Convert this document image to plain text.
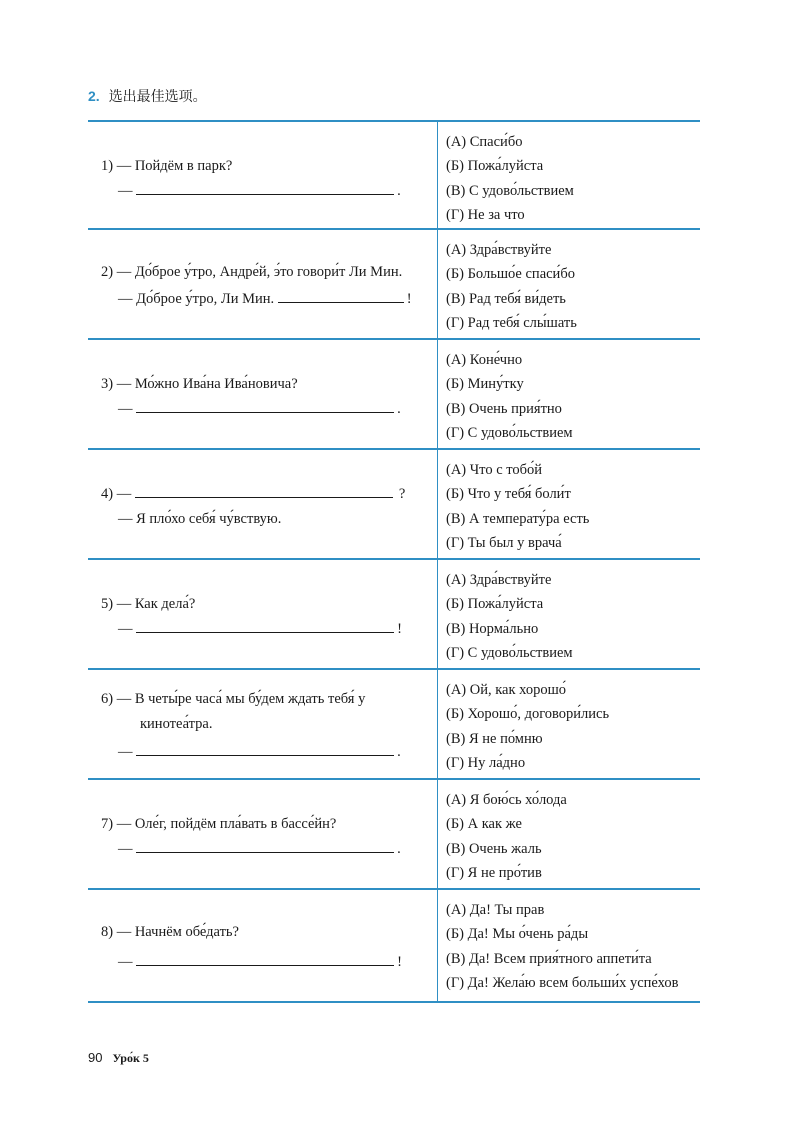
2. 选出最佳选项。
1) — Пойдём в парк?
—	.
(А) Спаси́бо
(Б) Пожа́луйста
(В) С удово́льствием
(Г) Не за что
2) — До́брое у́тро, Андре́й, э́то говори́т Ли Мин.
— До́брое у́тро, Ли Мин.	!
(А) Здра́вствуйте
(Б) Большо́е спаси́бо
(В) Рад тебя́ ви́деть
(Г) Рад тебя́ слы́шать
3) — Мо́жно Ива́на Ива́новича?
—	.
(А) Коне́чно
(Б) Мину́тку
(В) Очень прия́тно
(Г) С удово́льствием
4) —	?
— Я пло́хо себя́ чу́вствую.
(А) Что с тобо́й
(Б) Что у тебя́ боли́т
(В) А температу́ра есть
(Г) Ты был у врача́
5) — Как дела́?
—	!
(А) Здра́вствуйте
(Б) Пожа́луйста
(В) Норма́льно
(Г) С удово́льствием
6) — В четы́ре часа́ мы бу́дем ждать тебя́ у
кинотеа́тра.
—	.
(А) Ой, как хорошо́
(Б) Хорошо́, договори́лись
(В) Я не по́мню
(Г) Ну ла́дно
7) — Оле́г, пойдём пла́вать в бассе́йн?
—	.
(А) Я бою́сь хо́лода
(Б) А как же
(В) Очень жаль
(Г) Я не про́тив
8) — Начнём обе́дать?
—	!
(А) Да! Ты прав
(Б) Да! Мы о́чень ра́ды
(В) Да! Всем прия́тного аппети́та
(Г) Да! Жела́ю всем больши́х успе́хов
90 Уро́к 5
